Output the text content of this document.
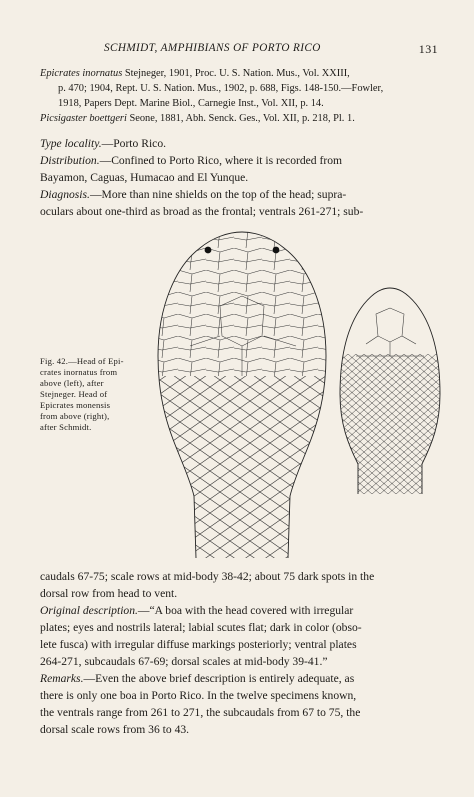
SCHMIDT, AMPHIBIANS OF PORTO RICO	131

Epicrates inornatus Stejneger, 1901, Proc. U. S. Nation. Mus., Vol. XXIII,
p. 470; 1904, Rept. U. S. Nation. Mus., 1902, p. 688, Figs. 148-150.—Fowler,
1918, Papers Dept. Marine Biol., Carnegie Inst., Vol. XII, p. 14.

Picsigaster boettgeri Seone, 1881, Abh. Senck. Ges., Vol. XII, p. 218, Pl. 1.

Type locality.—Porto Rico.

Distribution.—Confined to Porto Rico, where it is recorded from
Bayamon, Caguas, Humacao and El Yunque.

Diagnosis.—More than nine shields on the top of the head; supra-
oculars about one-third as broad as the frontal; ventrals 261-271; sub-

Fig. 42.—Head of Epi-
crates inornatus from
above (left), after
Stejneger. Head of
Epicrates monensis
from above (right),
after Schmidt.

caudals 67-75; scale rows at mid-body 38-42; about 75 dark spots in the
dorsal row from head to vent.

Original description.—“A boa with the head covered with irregular
plates; eyes and nostrils lateral; labial scutes flat; dark in color (obso-
lete fusca) with irregular diffuse markings posteriorly; ventral plates
264-271, subcaudals 67-69; dorsal scales at mid-body 39-41.”

Remarks.—Even the above brief description is entirely adequate, as
there is only one boa in Porto Rico. In the twelve specimens known,
the ventrals range from 261 to 271, the subcaudals from 67 to 75, the
dorsal scale rows from 36 to 43.
